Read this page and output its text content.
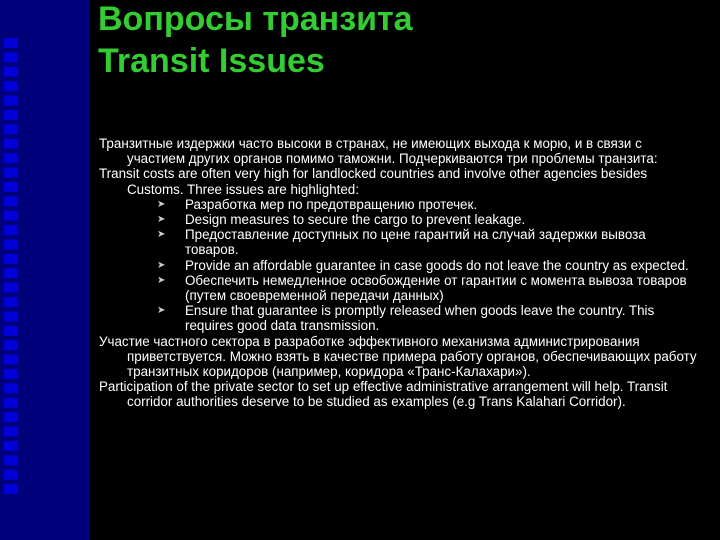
Вопросы транзита
Transit Issues
Транзитные издержки часто высоки в странах, не имеющих выхода к морю, и в связи с участием других органов помимо таможни. Подчеркиваются три проблемы транзита:
Transit costs are often very high for landlocked countries and involve other agencies besides Customs. Three issues are highlighted:
➤ Разработка мер по предотвращению протечек.
➤ Design measures to secure the cargo to prevent leakage.
➤ Предоставление доступных по цене гарантий на случай задержки вывоза товаров.
➤ Provide an affordable guarantee in case goods do not leave the country as expected.
➤ Обеспечить немедленное освобождение от гарантии с момента вывоза товаров (путем своевременной передачи данных)
➤ Ensure that guarantee is promptly released when goods leave the country. This requires good data transmission.
Участие частного сектора в разработке эффективного механизма администрирования приветствуется. Можно взять в качестве примера работу органов, обеспечивающих работу транзитных коридоров (например, коридора «Транс-Калахари»).
Participation of the private sector to set up effective administrative arrangement will help. Transit corridor authorities deserve to be studied as examples (e.g Trans Kalahari Corridor).
